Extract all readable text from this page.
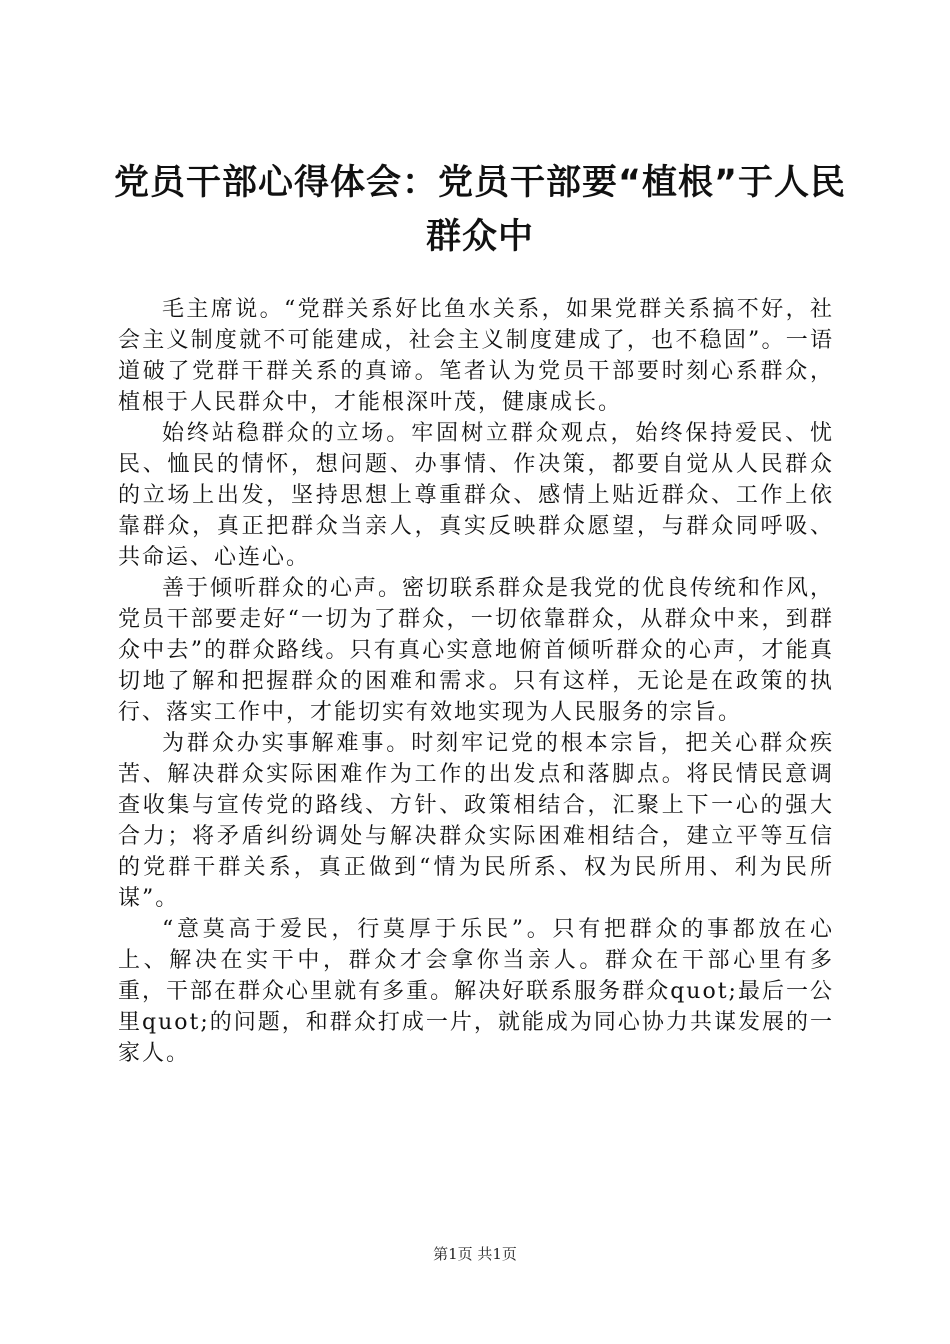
党员干部心得体会：党员干部要“植根”于人民群众中

毛主席说。“党群关系好比鱼水关系，如果党群关系搞不好，社会主义制度就不可能建成，社会主义制度建成了，也不稳固”。一语道破了党群干群关系的真谛。笔者认为党员干部要时刻心系群众，植根于人民群众中，才能根深叶茂，健康成长。

始终站稳群众的立场。牢固树立群众观点，始终保持爱民、忧民、恤民的情怀，想问题、办事情、作决策，都要自觉从人民群众的立场上出发，坚持思想上尊重群众、感情上贴近群众、工作上依靠群众，真正把群众当亲人，真实反映群众愿望，与群众同呼吸、共命运、心连心。

善于倾听群众的心声。密切联系群众是我党的优良传统和作风，党员干部要走好“一切为了群众，一切依靠群众，从群众中来，到群众中去”的群众路线。只有真心实意地俯首倾听群众的心声，才能真切地了解和把握群众的困难和需求。只有这样，无论是在政策的执行、落实工作中，才能切实有效地实现为人民服务的宗旨。

为群众办实事解难事。时刻牢记党的根本宗旨，把关心群众疾苦、解决群众实际困难作为工作的出发点和落脚点。将民情民意调查收集与宣传党的路线、方针、政策相结合，汇聚上下一心的强大合力；将矛盾纠纷调处与解决群众实际困难相结合，建立平等互信的党群干群关系，真正做到“情为民所系、权为民所用、利为民所谋”。

“意莫高于爱民，行莫厚于乐民”。只有把群众的事都放在心上、解决在实干中，群众才会拿你当亲人。群众在干部心里有多重，干部在群众心里就有多重。解决好联系服务群众quot;最后一公里quot;的问题，和群众打成一片，就能成为同心协力共谋发展的一家人。

第1页 共1页
